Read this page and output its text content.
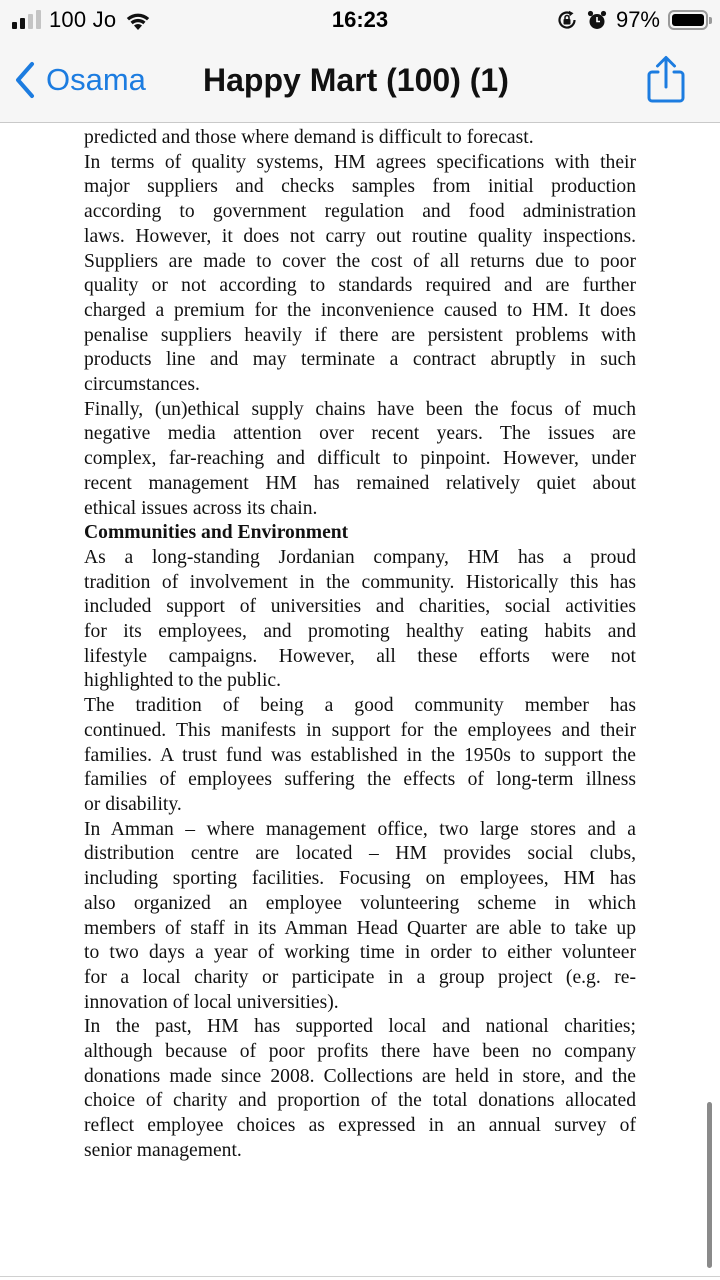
100 Jo	16:23	97%
Osama Happy Mart (100) (1)

predicted and those where demand is difficult to forecast.

In terms of quality systems, HM agrees specifications with their
major suppliers and checks samples from initial production
according to government regulation and food administration
laws. However, it does not carry out routine quality inspections.
Suppliers are made to cover the cost of all returns due to poor
quality or not according to standards required and are further
charged a premium for the inconvenience caused to HM. It does
penalise suppliers heavily if there are persistent problems with
products line and may terminate a contract abruptly in such
circumstances.

Finally, (un)ethical supply chains have been the focus of much
negative media attention over recent years. The issues are
complex, far-reaching and difficult to pinpoint. However, under
recent management HM has remained relatively quiet about
ethical issues across its chain.

Communities and Environment

As a long-standing Jordanian company, HM has a proud
tradition of involvement in the community. Historically this has
included support of universities and charities, social activities
for its employees, and promoting healthy eating habits and
lifestyle campaigns. However, all these efforts were not
highlighted to the public.

The tradition of being a good community member has
continued. This manifests in support for the employees and their
families. A trust fund was established in the 1950s to support the
families of employees suffering the effects of long-term illness
or disability.

In Amman – where management office, two large stores and a
distribution centre are located – HM provides social clubs,
including sporting facilities. Focusing on employees, HM has
also organized an employee volunteering scheme in which
members of staff in its Amman Head Quarter are able to take up
to two days a year of working time in order to either volunteer
for a local charity or participate in a group project (e.g. re-
innovation of local universities).

In the past, HM has supported local and national charities;
although because of poor profits there have been no company
donations made since 2008. Collections are held in store, and the
choice of charity and proportion of the total donations allocated
reflect employee choices as expressed in an annual survey of
senior management.
